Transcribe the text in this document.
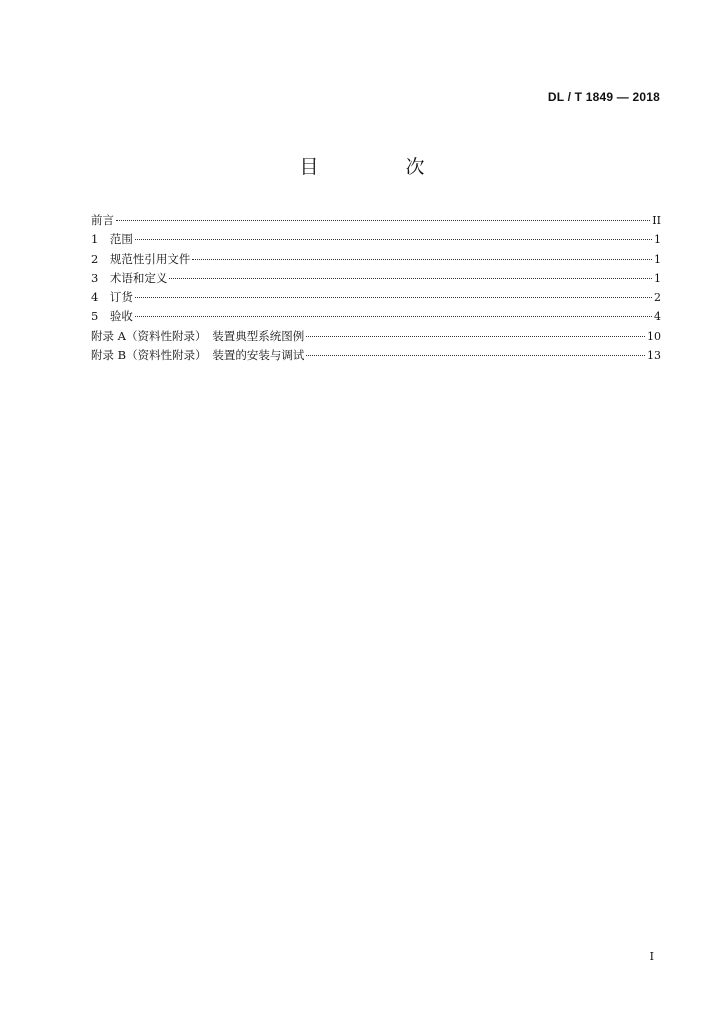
DL / T 1849 — 2018
目　次
前言	II
1　范围	1
2　规范性引用文件	1
3　术语和定义	1
4　订货	2
5　验收	4
附录 A（资料性附录）　装置典型系统图例	10
附录 B（资料性附录）　装置的安装与调试	13
I
